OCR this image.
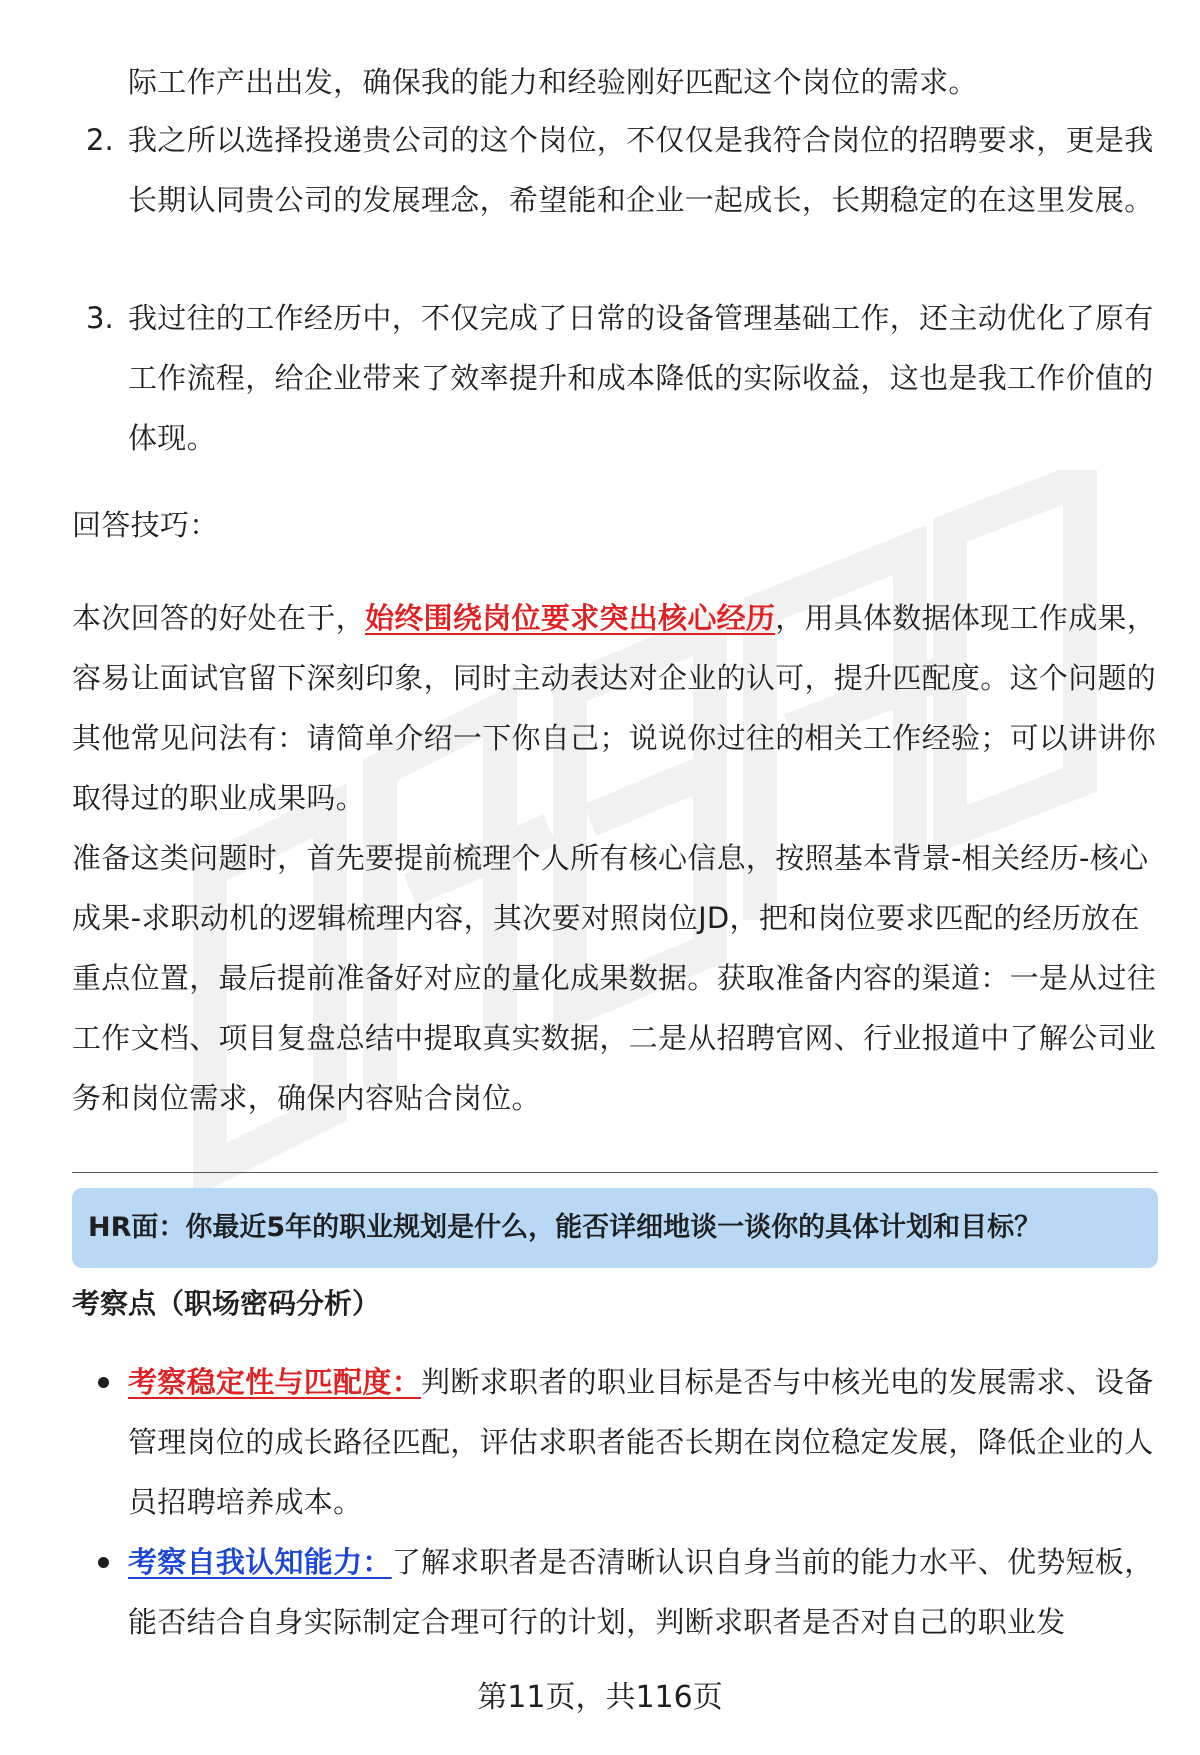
际工作产出出发，确保我的能力和经验刚好匹配这个岗位的需求。

2. 我之所以选择投递贵公司的这个岗位，不仅仅是我符合岗位的招聘要求，更是我长期认同贵公司的发展理念，希望能和企业一起成长，长期稳定的在这里发展。

3. 我过往的工作经历中，不仅完成了日常的设备管理基础工作，还主动优化了原有工作流程，给企业带来了效率提升和成本降低的实际收益，这也是我工作价值的体现。

回答技巧：

本次回答的好处在于，始终围绕岗位要求突出核心经历，用具体数据体现工作成果，容易让面试官留下深刻印象，同时主动表达对企业的认可，提升匹配度。这个问题的其他常见问法有：请简单介绍一下你自己；说说你过往的相关工作经验；可以讲讲你取得过的职业成果吗。

准备这类问题时，首先要提前梳理个人所有核心信息，按照基本背景-相关经历-核心成果-求职动机的逻辑梳理内容，其次要对照岗位JD，把和岗位要求匹配的经历放在重点位置，最后提前准备好对应的量化成果数据。获取准备内容的渠道：一是从过往工作文档、项目复盘总结中提取真实数据，二是从招聘官网、行业报道中了解公司业务和岗位需求，确保内容贴合岗位。

HR面：你最近5年的职业规划是什么，能否详细地谈一谈你的具体计划和目标？
考察点（职场密码分析）

考察稳定性与匹配度：判断求职者的职业目标是否与中核光电的发展需求、设备管理岗位的成长路径匹配，评估求职者能否长期在岗位稳定发展，降低企业的人员招聘培养成本。

考察自我认知能力：了解求职者是否清晰认识自身当前的能力水平、优势短板，能否结合自身实际制定合理可行的计划，判断求职者是否对自己的职业发

第11页，共116页
